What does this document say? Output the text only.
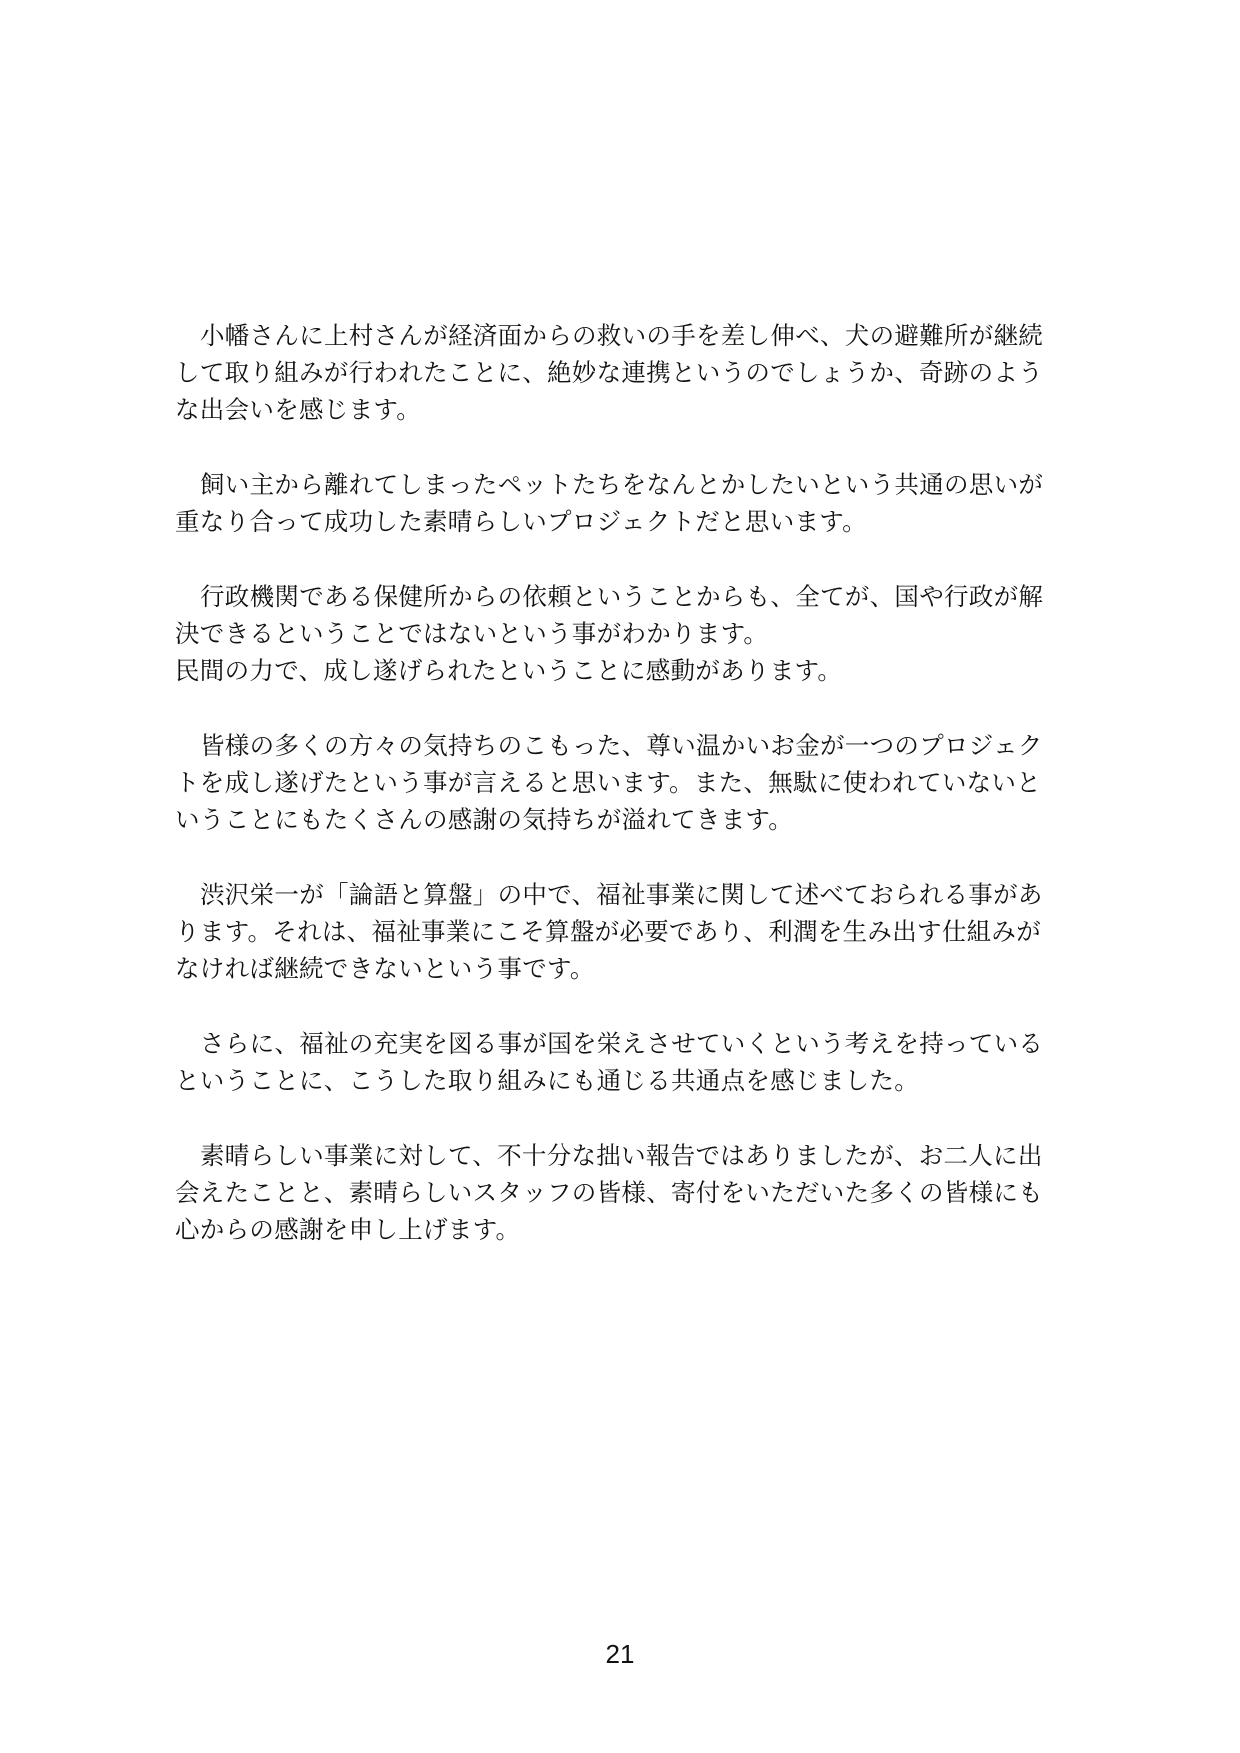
小幡さんに上村さんが経済面からの救いの手を差し伸べ、犬の避難所が継続
して取り組みが行われたことに、絶妙な連携というのでしょうか、奇跡のよう
な出会いを感じます。

飼い主から離れてしまったペットたちをなんとかしたいという共通の思いが
重なり合って成功した素晴らしいプロジェクトだと思います。

行政機関である保健所からの依頼ということからも、全てが、国や行政が解
決できるということではないという事がわかります。
民間の力で、成し遂げられたということに感動があります。

皆様の多くの方々の気持ちのこもった、尊い温かいお金が一つのプロジェク
トを成し遂げたという事が言えると思います。また、無駄に使われていないと
いうことにもたくさんの感謝の気持ちが溢れてきます。

渋沢栄一が「論語と算盤」の中で、福祉事業に関して述べておられる事があ
ります。それは、福祉事業にこそ算盤が必要であり、利潤を生み出す仕組みが
なければ継続できないという事です。

さらに、福祉の充実を図る事が国を栄えさせていくという考えを持っている
ということに、こうした取り組みにも通じる共通点を感じました。

素晴らしい事業に対して、不十分な拙い報告ではありましたが、お二人に出
会えたことと、素晴らしいスタッフの皆様、寄付をいただいた多くの皆様にも
心からの感謝を申し上げます。

21
